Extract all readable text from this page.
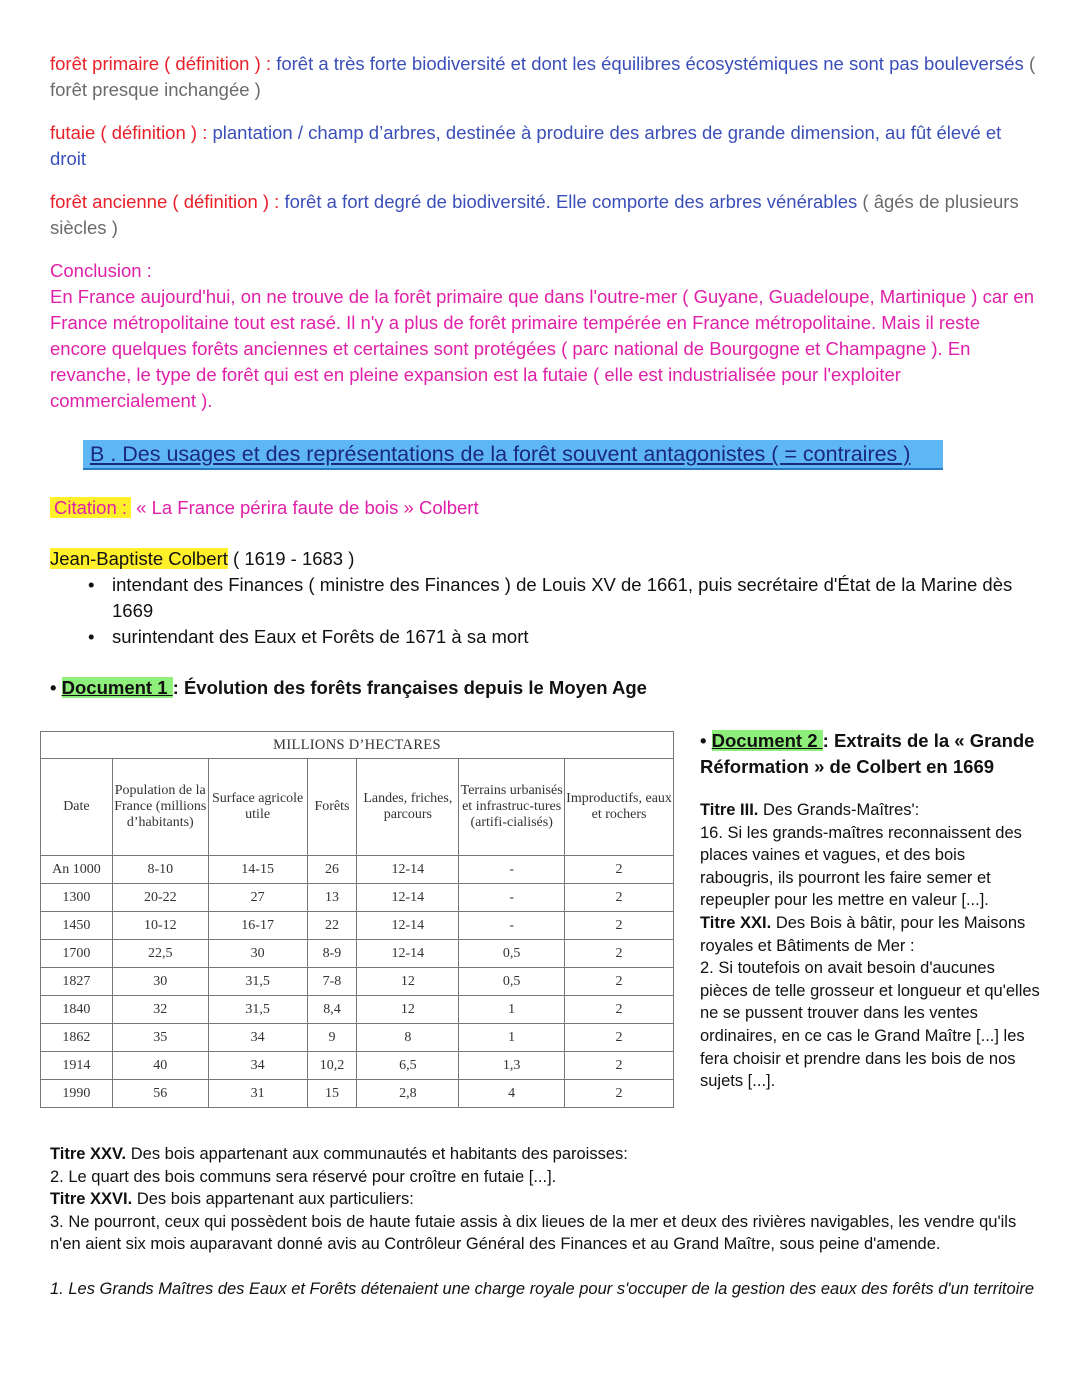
forêt primaire ( définition ) : forêt a très forte biodiversité et dont les équilibres écosystémiques ne sont pas bouleversés ( forêt presque inchangée )

futaie ( définition ) : plantation / champ d’arbres, destinée à produire des arbres de grande dimension, au fût élevé et droit

forêt ancienne ( définition ) : forêt a fort degré de biodiversité. Elle comporte des arbres vénérables ( âgés de plusieurs siècles )

Conclusion :
En France aujourd'hui, on ne trouve de la forêt primaire que dans l'outre-mer ( Guyane, Guadeloupe, Martinique ) car en France métropolitaine tout est rasé. Il n'y a plus de forêt primaire tempérée en France métropolitaine. Mais il reste encore quelques forêts anciennes et certaines sont protégées ( parc national de Bourgogne et Champagne ). En revanche, le type de forêt qui est en pleine expansion est la futaie ( elle est industrialisée pour l'exploiter commercialement ).
B . Des usages et des représentations de la forêt souvent antagonistes ( = contraires )
Citation : « La France périra faute de bois » Colbert
Jean-Baptiste Colbert ( 1619 - 1683 )
• intendant des Finances ( ministre des Finances ) de Louis XV de 1661, puis secrétaire d'État de la Marine dès 1669
• surintendant des Eaux et Forêts de 1671 à sa mort
• Document 1 : Évolution des forêts françaises depuis le Moyen Age
MILLIONS D’HECTARES						
Date	Population de la France (millions d’habitants)	Surface agricole utile	Forêts	Landes, friches, parcours	Terrains urbanisés et infrastruc-tures (artifi-cialisés)	Improductifs, eaux et rochers
An 1000	8-10	14-15	26	12-14	-	2
1300	20-22	27	13	12-14	-	2
1450	10-12	16-17	22	12-14	-	2
1700	22,5	30	8-9	12-14	0,5	2
1827	30	31,5	7-8	12	0,5	2
1840	32	31,5	8,4	12	1	2
1862	35	34	9	8	1	2
1914	40	34	10,2	6,5	1,3	2
1990	56	31	15	2,8	4	2
• Document 2 : Extraits de la « Grande Réformation » de Colbert en 1669
Titre III. Des Grands-Maîtres':
16. Si les grands-maîtres reconnaissent des places vaines et vagues, et des bois rabougris, ils pourront les faire semer et repeupler pour les mettre en valeur [...].
Titre XXI. Des Bois à bâtir, pour les Maisons royales et Bâtiments de Mer :
2. Si toutefois on avait besoin d'aucunes pièces de telle grosseur et longueur et qu'elles ne se pussent trouver dans les ventes ordinaires, en ce cas le Grand Maître [...] les fera choisir et prendre dans les bois de nos sujets [...].
Titre XXV. Des bois appartenant aux communautés et habitants des paroisses:
2. Le quart des bois communs sera réservé pour croître en futaie [...].
Titre XXVI. Des bois appartenant aux particuliers:
3. Ne pourront, ceux qui possèdent bois de haute futaie assis à dix lieues de la mer et deux des rivières navigables, les vendre qu'ils n'en aient six mois auparavant donné avis au Contrôleur Général des Finances et au Grand Maître, sous peine d'amende.
1. Les Grands Maîtres des Eaux et Forêts détenaient une charge royale pour s'occuper de la gestion des eaux des forêts d'un territoire
